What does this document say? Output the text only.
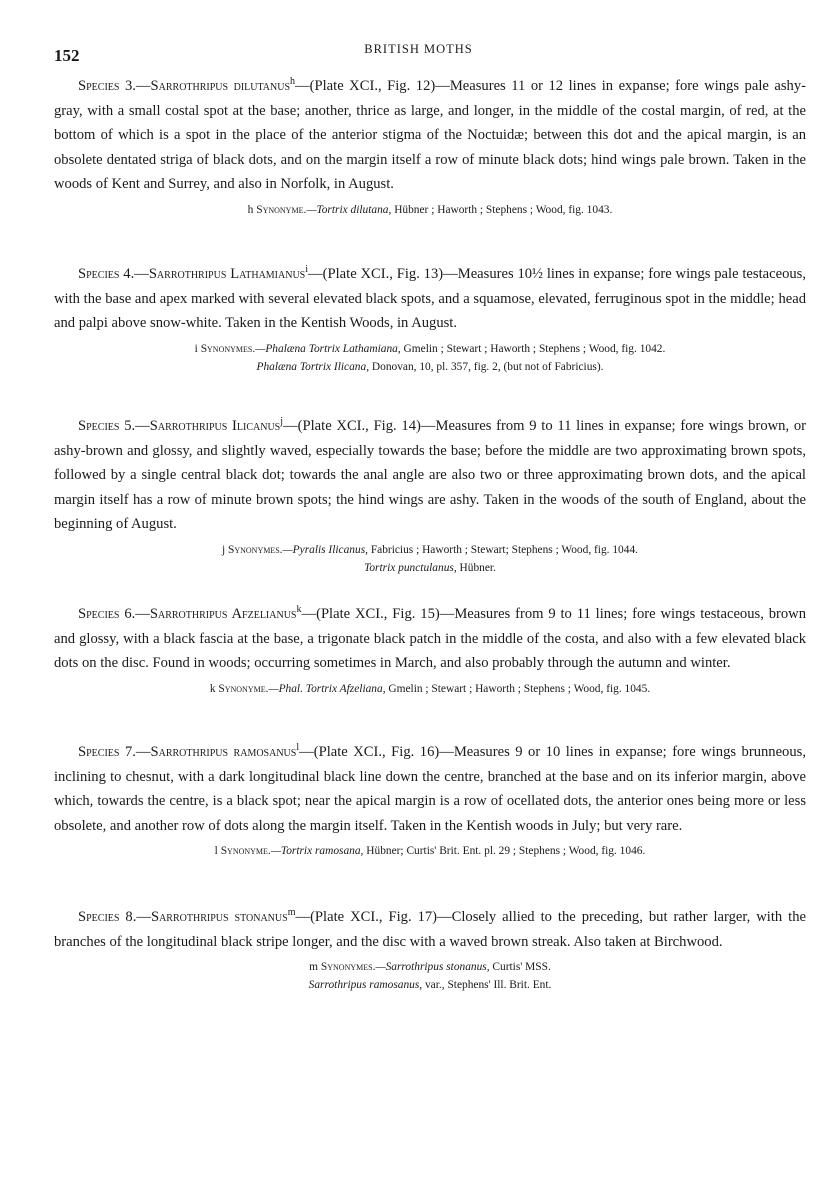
152	BRITISH MOTHS

Species 3.—Sarrothripus dilutanus$^h$—(Plate XCI., Fig. 12)—Measures 11 or 12 lines in expanse; fore wings pale ashy-gray, with a small costal spot at the base; another, thrice as large, and longer, in the middle of the costal margin, of red, at the bottom of which is a spot in the place of the anterior stigma of the Noctuidæ; between this dot and the apical margin, is an obsolete dentated striga of black dots, and on the margin itself a row of minute black dots; hind wings pale brown. Taken in the woods of Kent and Surrey, and also in Norfolk, in August.

h Synonyme.—Tortrix dilutana, Hübner ; Haworth ; Stephens ; Wood, fig. 1043.

Species 4.—Sarrothripus Lathamianus$^i$—(Plate XCI., Fig. 13)—Measures 10½ lines in expanse; fore wings pale testaceous, with the base and apex marked with several elevated black spots, and a squamose, elevated, ferruginous spot in the middle; head and palpi above snow-white. Taken in the Kentish Woods, in August.

i Synonymes.—Phalæna Tortrix Lathamiana, Gmelin ; Stewart ; Haworth ; Stephens ; Wood, fig. 1042.
Phalæna Tortrix Ilicana, Donovan, 10, pl. 357, fig. 2, (but not of Fabricius).

Species 5.—Sarrothripus Ilicanus$^j$—(Plate XCI., Fig. 14)—Measures from 9 to 11 lines in expanse; fore wings brown, or ashy-brown and glossy, and slightly waved, especially towards the base; before the middle are two approximating brown spots, followed by a single central black dot; towards the anal angle are also two or three approximating brown dots, and the apical margin itself has a row of minute brown spots; the hind wings are ashy. Taken in the woods of the south of England, about the beginning of August.

j Synonymes.—Pyralis Ilicanus, Fabricius ; Haworth ; Stewart; Stephens ; Wood, fig. 1044.
Tortrix punctulanus, Hübner.

Species 6.—Sarrothripus Afzelianus$^k$—(Plate XCI., Fig. 15)—Measures from 9 to 11 lines; fore wings testaceous, brown and glossy, with a black fascia at the base, a trigonate black patch in the middle of the costa, and also with a few elevated black dots on the disc. Found in woods; occurring sometimes in March, and also probably through the autumn and winter.

k Synonyme.—Phal. Tortrix Afzeliana, Gmelin ; Stewart ; Haworth ; Stephens ; Wood, fig. 1045.

Species 7.—Sarrothripus ramosanus$^l$—(Plate XCI., Fig. 16)—Measures 9 or 10 lines in expanse; fore wings brunneous, inclining to chesnut, with a dark longitudinal black line down the centre, branched at the base and on its inferior margin, above which, towards the centre, is a black spot; near the apical margin is a row of ocellated dots, the anterior ones being more or less obsolete, and another row of dots along the margin itself. Taken in the Kentish woods in July; but very rare.

l Synonyme.—Tortrix ramosana, Hübner; Curtis' Brit. Ent. pl. 29 ; Stephens ; Wood, fig. 1046.

Species 8.—Sarrothripus stonanus$^m$—(Plate XCI., Fig. 17)—Closely allied to the preceding, but rather larger, with the branches of the longitudinal black stripe longer, and the disc with a waved brown streak. Also taken at Birchwood.

m Synonymes.—Sarrothripus stonanus, Curtis' MSS.
Sarrothripus ramosanus, var., Stephens' Ill. Brit. Ent.
